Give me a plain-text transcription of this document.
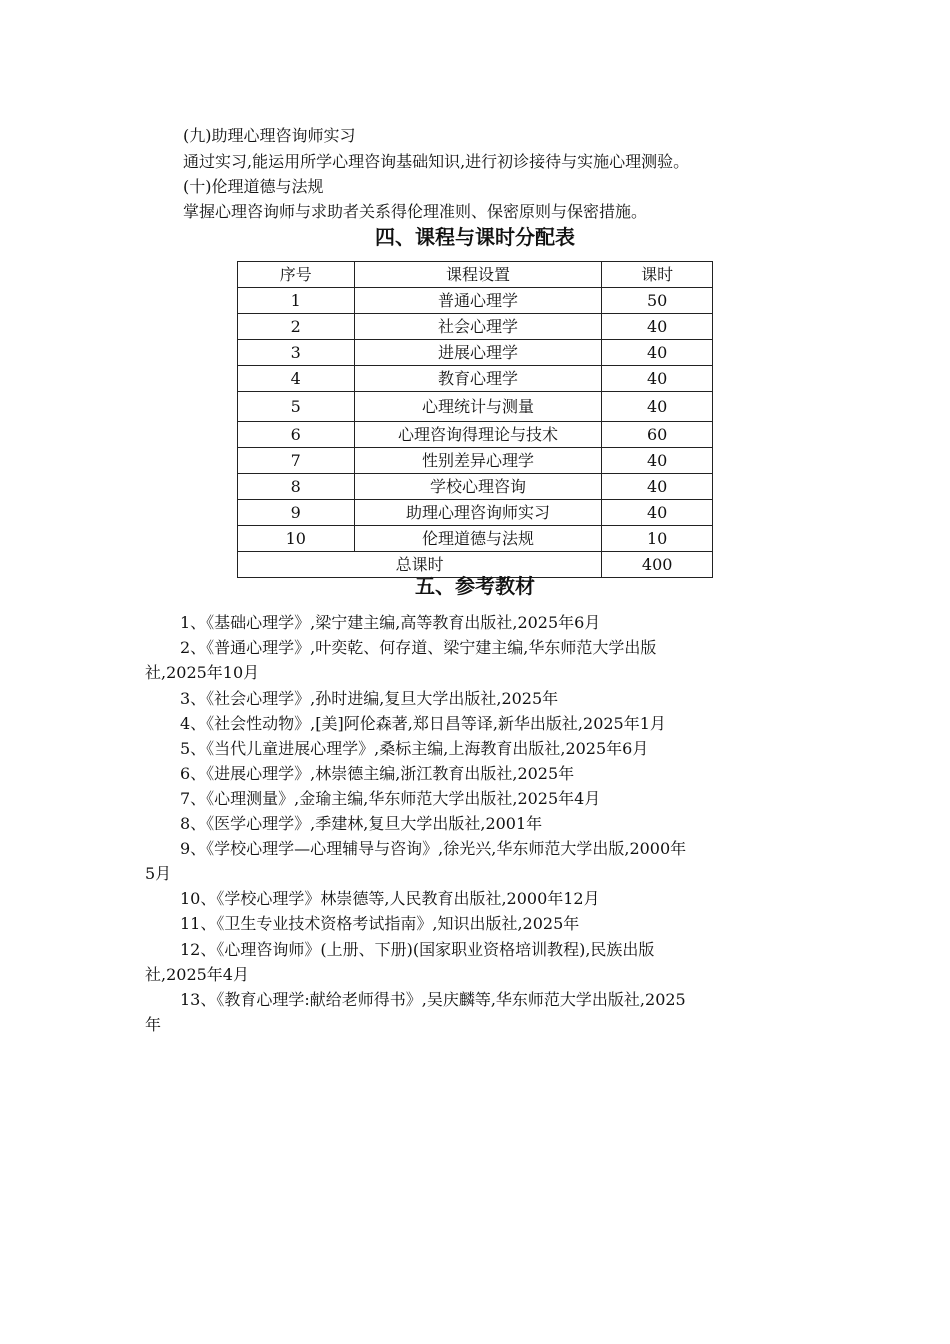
(九)助理心理咨询师实习
通过实习,能运用所学心理咨询基础知识,进行初诊接待与实施心理测验。
(十)伦理道德与法规
掌握心理咨询师与求助者关系得伦理准则、保密原则与保密措施。
四、课程与课时分配表
序号	课程设置	课时
1	普通心理学	50
2	社会心理学	40
3	进展心理学	40
4	教育心理学	40
5	心理统计与测量	40
6	心理咨询得理论与技术	60
7	性别差异心理学	40
8	学校心理咨询	40
9	助理心理咨询师实习	40
10	伦理道德与法规	10
总课时		400
五、参考教材
1、《基础心理学》,梁宁建主编,高等教育出版社,2025年6月
2、《普通心理学》,叶奕乾、何存道、梁宁建主编,华东师范大学出版
社,2025年10月
3、《社会心理学》,孙时进编,复旦大学出版社,2025年
4、《社会性动物》,[美]阿伦森著,郑日昌等译,新华出版社,2025年1月
5、《当代儿童进展心理学》,桑标主编,上海教育出版社,2025年6月
6、《进展心理学》,林崇德主编,浙江教育出版社,2025年
7、《心理测量》,金瑜主编,华东师范大学出版社,2025年4月
8、《医学心理学》,季建林,复旦大学出版社,2001年
9、《学校心理学—心理辅导与咨询》,徐光兴,华东师范大学出版,2000年
5月
10、《学校心理学》林崇德等,人民教育出版社,2000年12月
11、《卫生专业技术资格考试指南》,知识出版社,2025年
12、《心理咨询师》(上册、下册)(国家职业资格培训教程),民族出版
社,2025年4月
13、《教育心理学:献给老师得书》,吴庆麟等,华东师范大学出版社,2025
年
